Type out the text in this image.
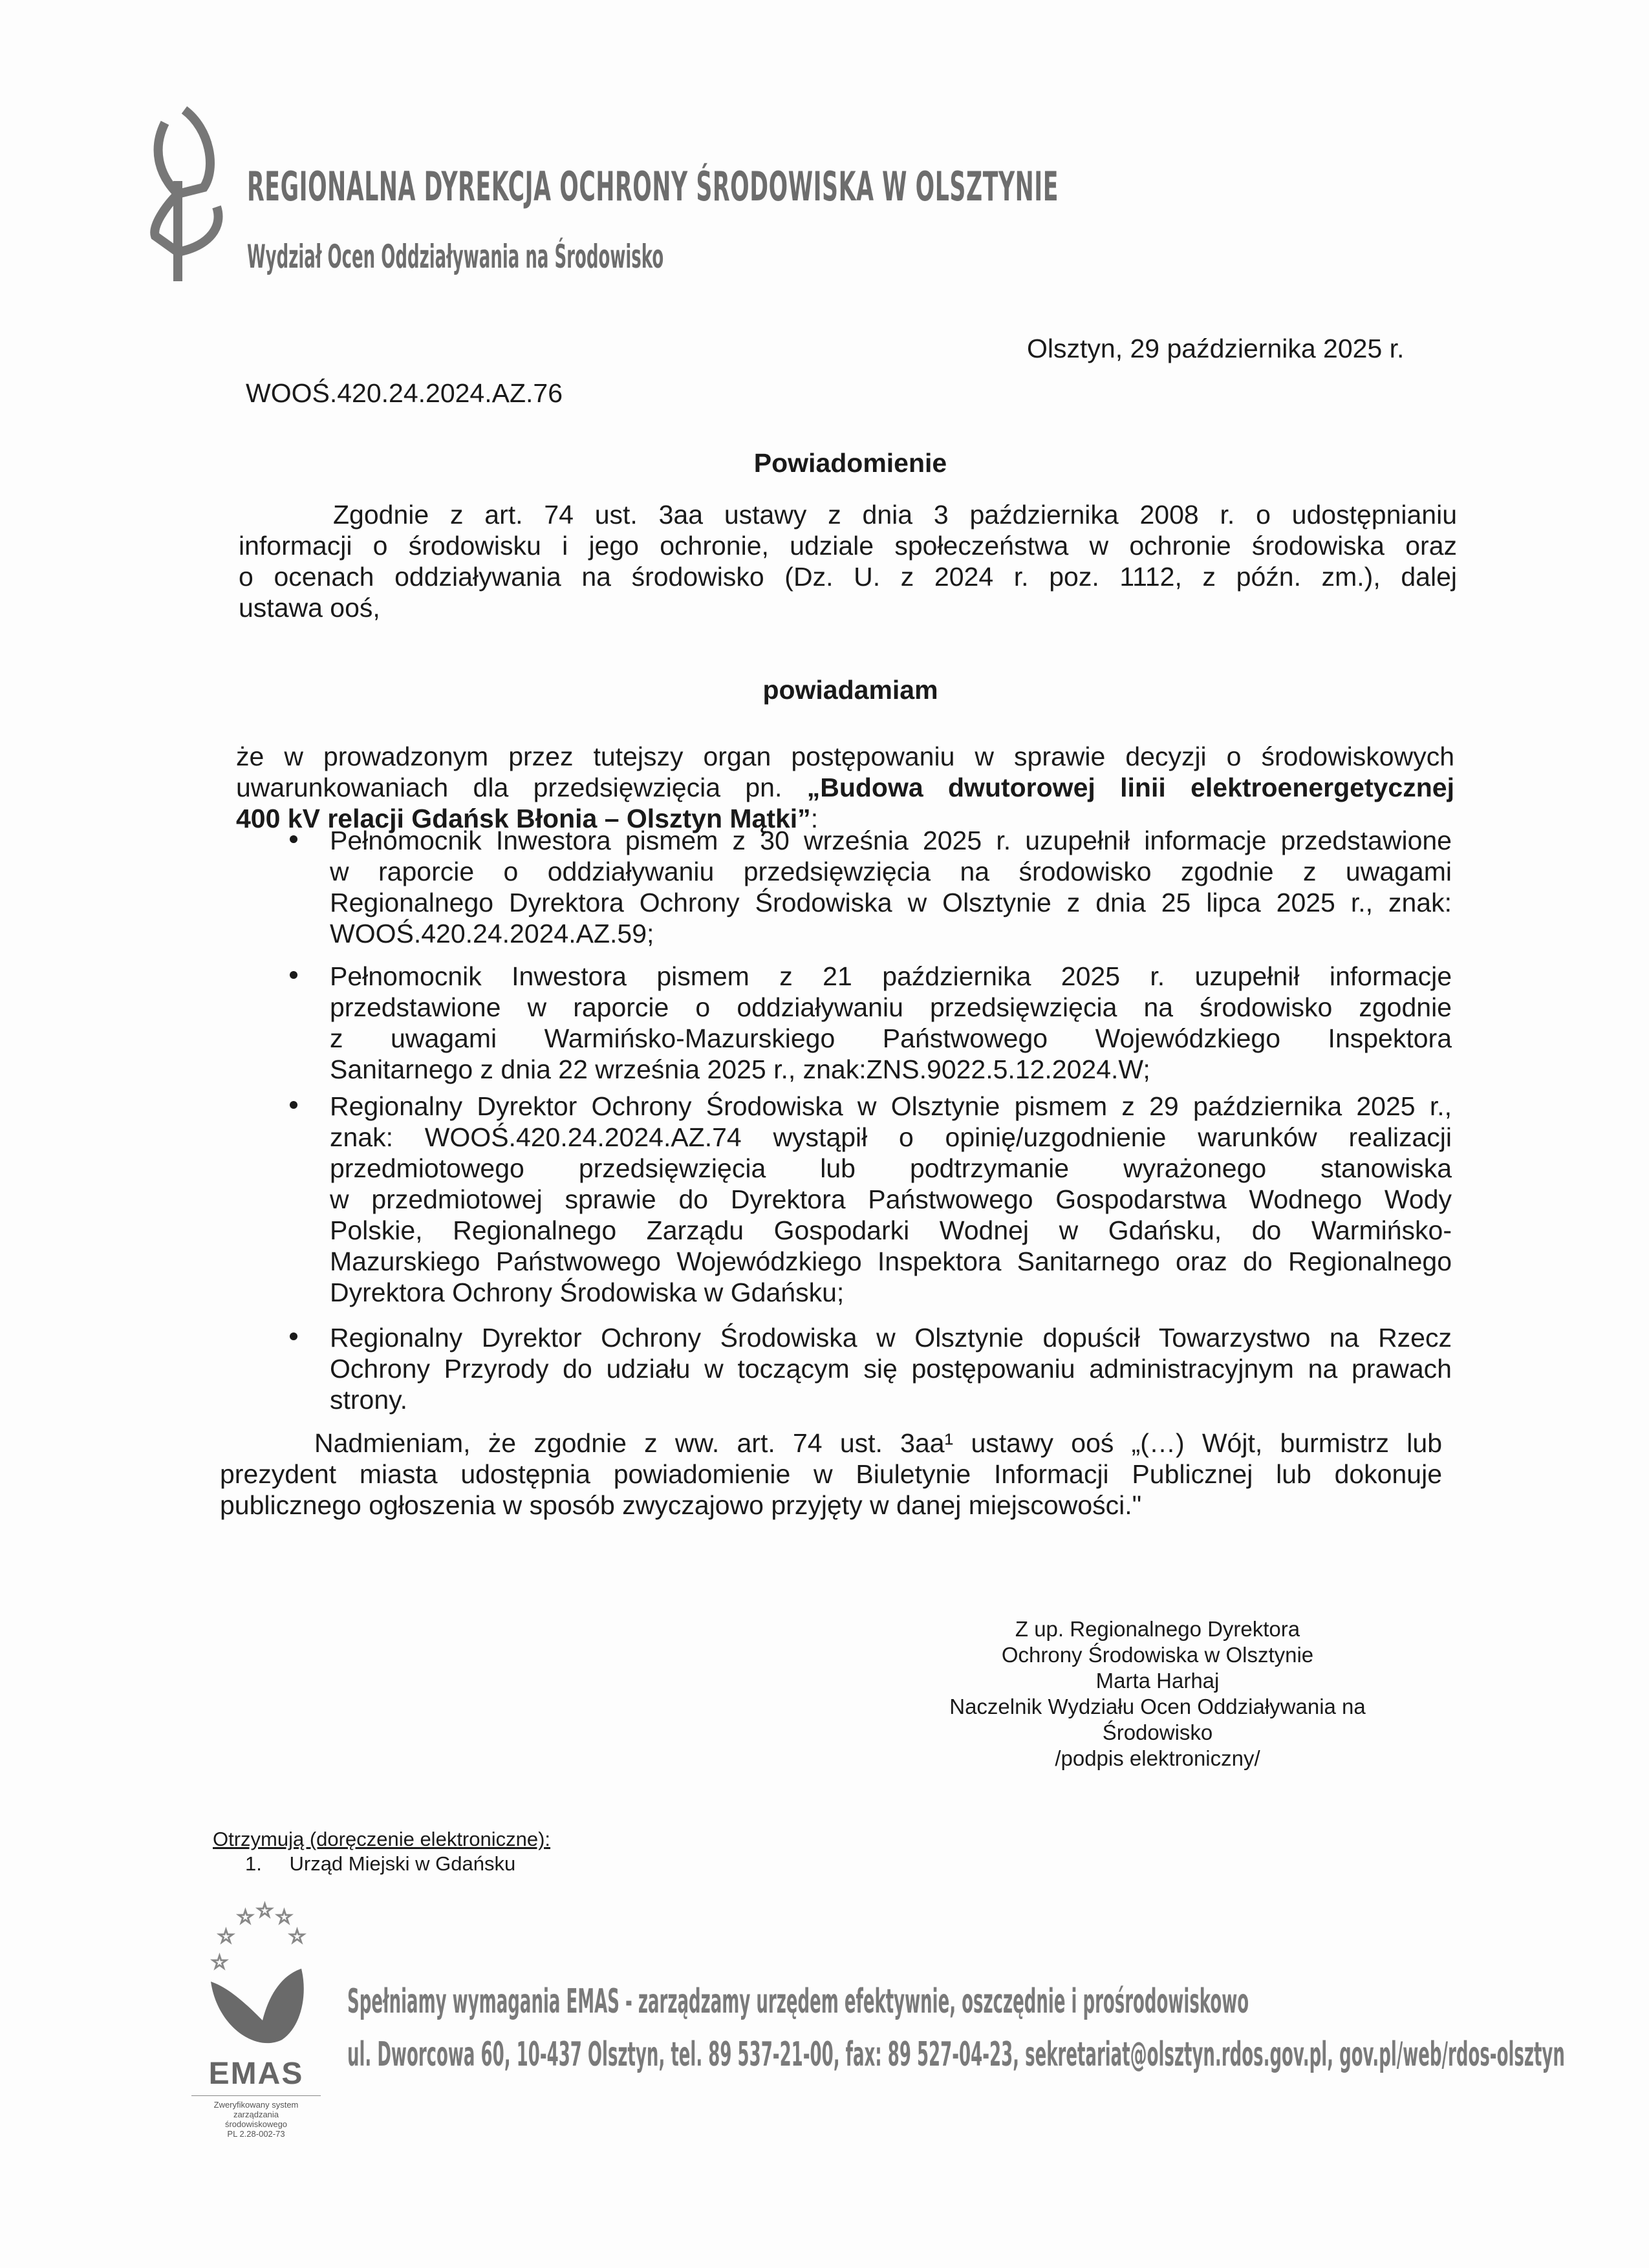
REGIONALNA DYREKCJA OCHRONY ŚRODOWISKA W OLSZTYNIE
Wydział Ocen Oddziaływania na Środowisko
Olsztyn, 29 października 2025 r.
WOOŚ.420.24.2024.AZ.76
Powiadomienie
Zgodnie z art. 74 ust. 3aa ustawy z dnia 3 października 2008 r. o udostępnianiu
informacji o środowisku i jego ochronie, udziale społeczeństwa w ochronie środowiska oraz
o ocenach oddziaływania na środowisko (Dz. U. z 2024 r. poz. 1112, z późn. zm.), dalej
ustawa ooś,
powiadamiam
że w prowadzonym przez tutejszy organ postępowaniu w sprawie decyzji o środowiskowych
uwarunkowaniach dla przedsięwzięcia pn. „Budowa dwutorowej linii elektroenergetycznej
400 kV relacji Gdańsk Błonia – Olsztyn Mątki”:
Pełnomocnik Inwestora pismem z 30 września 2025 r. uzupełnił informacje przedstawione
w raporcie o oddziaływaniu przedsięwzięcia na środowisko zgodnie z uwagami
Regionalnego Dyrektora Ochrony Środowiska w Olsztynie z dnia 25 lipca 2025 r., znak:
WOOŚ.420.24.2024.AZ.59;
Pełnomocnik Inwestora pismem z 21 października 2025 r. uzupełnił informacje
przedstawione w raporcie o oddziaływaniu przedsięwzięcia na środowisko zgodnie
z uwagami Warmińsko-Mazurskiego Państwowego Wojewódzkiego Inspektora
Sanitarnego z dnia 22 września 2025 r., znak:ZNS.9022.5.12.2024.W;
Regionalny Dyrektor Ochrony Środowiska w Olsztynie pismem z 29 października 2025 r.,
znak: WOOŚ.420.24.2024.AZ.74 wystąpił o opinię/uzgodnienie warunków realizacji
przedmiotowego przedsięwzięcia lub podtrzymanie wyrażonego stanowiska
w przedmiotowej sprawie do Dyrektora Państwowego Gospodarstwa Wodnego Wody
Polskie, Regionalnego Zarządu Gospodarki Wodnej w Gdańsku, do Warmińsko-
Mazurskiego Państwowego Wojewódzkiego Inspektora Sanitarnego oraz do Regionalnego
Dyrektora Ochrony Środowiska w Gdańsku;
Regionalny Dyrektor Ochrony Środowiska w Olsztynie dopuścił Towarzystwo na Rzecz
Ochrony Przyrody do udziału w toczącym się postępowaniu administracyjnym na prawach
strony.
Nadmieniam, że zgodnie z ww. art. 74 ust. 3aa¹ ustawy ooś „(…) Wójt, burmistrz lub
prezydent miasta udostępnia powiadomienie w Biuletynie Informacji Publicznej lub dokonuje
publicznego ogłoszenia w sposób zwyczajowo przyjęty w danej miejscowości."
Z up. Regionalnego Dyrektora
Ochrony Środowiska w Olsztynie
Marta Harhaj
Naczelnik Wydziału Ocen Oddziaływania na
Środowisko
/podpis elektroniczny/
Otrzymują (doręczenie elektroniczne):
1. Urząd Miejski w Gdańsku
☆ ☆ ☆
☆	☆
☆
EMAS
Zweryfikowany system
zarządzania
środowiskowego
PL 2.28-002-73
Spełniamy wymagania EMAS - zarządzamy urzędem efektywnie, oszczędnie i prośrodowiskowo
ul. Dworcowa 60, 10-437 Olsztyn, tel. 89 537-21-00, fax: 89 527-04-23, sekretariat@olsztyn.rdos.gov.pl, gov.pl/web/rdos-olsztyn
